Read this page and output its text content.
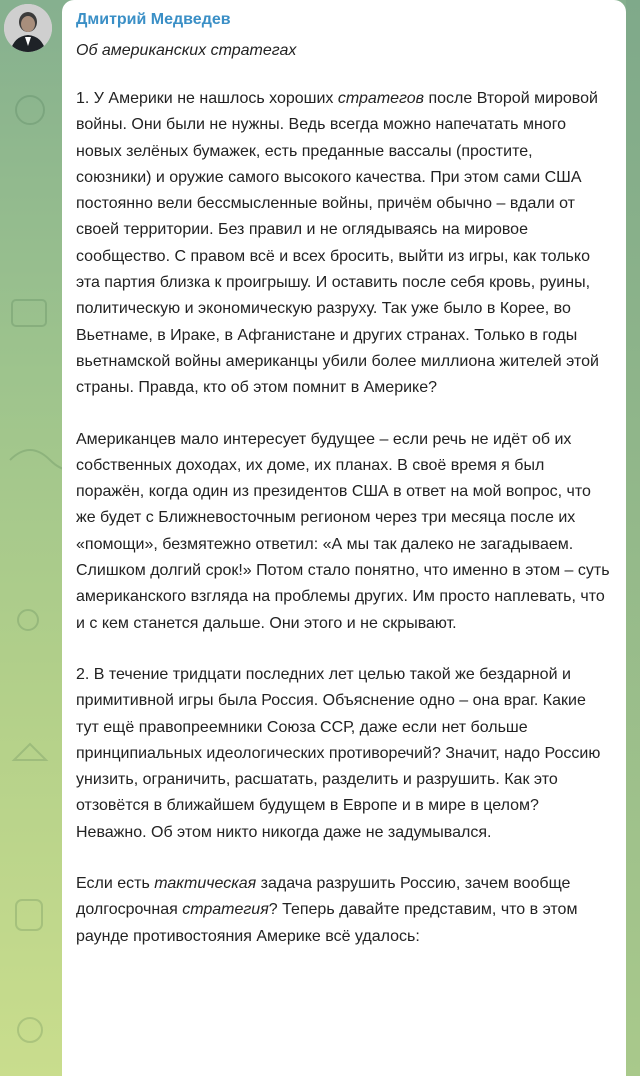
Дмитрий Медведев
Об американских стратегах
1. У Америки не нашлось хороших стратегов после Второй мировой войны. Они были не нужны. Ведь всегда можно напечатать много новых зелёных бумажек, есть преданные вассалы (простите, союзники) и оружие самого высокого качества. При этом сами США постоянно вели бессмысленные войны, причём обычно – вдали от своей территории. Без правил и не оглядываясь на мировое сообщество. С правом всё и всех бросить, выйти из игры, как только эта партия близка к проигрышу. И оставить после себя кровь, руины, политическую и экономическую разруху. Так уже было в Корее, во Вьетнаме, в Ираке, в Афганистане и других странах. Только в годы вьетнамской войны американцы убили более миллиона жителей этой страны. Правда, кто об этом помнит в Америке?
Американцев мало интересует будущее – если речь не идёт об их собственных доходах, их доме, их планах. В своё время я был поражён, когда один из президентов США в ответ на мой вопрос, что же будет с Ближневосточным регионом через три месяца после их «помощи», безмятежно ответил: «А мы так далеко не загадываем. Слишком долгий срок!» Потом стало понятно, что именно в этом – суть американского взгляда на проблемы других. Им просто наплевать, что и с кем станется дальше. Они этого и не скрывают.
2. В течение тридцати последних лет целью такой же бездарной и примитивной игры была Россия. Объяснение одно – она враг. Какие тут ещё правопреемники Союза ССР, даже если нет больше принципиальных идеологических противоречий? Значит, надо Россию унизить, ограничить, расшатать, разделить и разрушить. Как это отзовётся в ближайшем будущем в Европе и в мире в целом? Неважно. Об этом никто никогда даже не задумывался.
Если есть тактическая задача разрушить Россию, зачем вообще долгосрочная стратегия? Теперь давайте представим, что в этом раунде противостояния Америке всё удалось:
